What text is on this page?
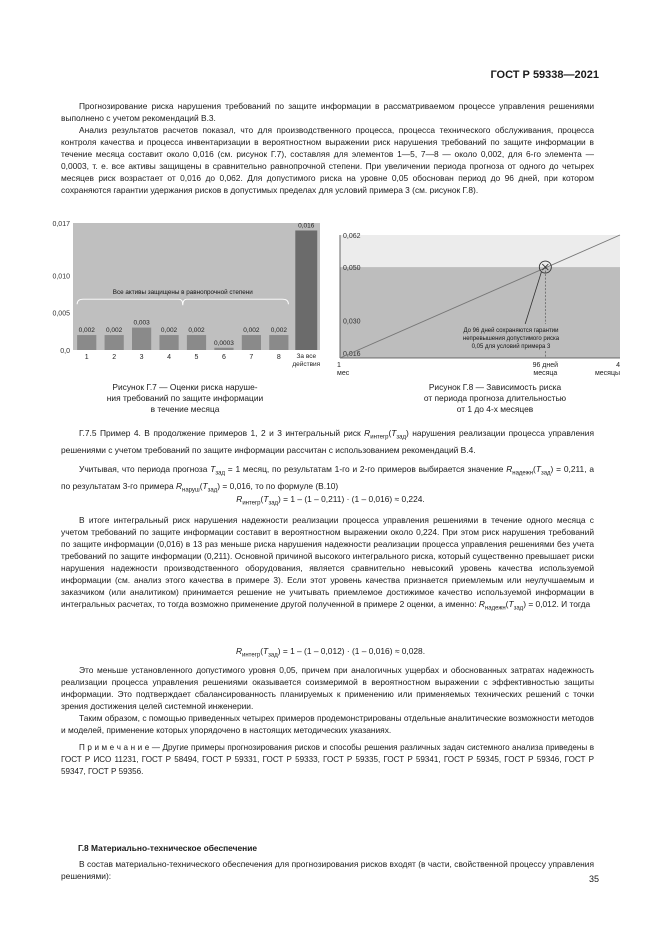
ГОСТ Р 59338—2021

Прогнозирование риска нарушения требований по защите информации в рассматриваемом процессе управления решениями выполнено с учетом рекомендаций В.3.

Анализ результатов расчетов показал, что для производственного процесса, процесса технического обслуживания, процесса контроля качества и процесса инвентаризации в вероятностном выражении риск нарушения требований по защите информации в течение месяца составит около 0,016 (см. рисунок Г.7), составляя для элементов 1—5, 7—8 — около 0,002, для 6-го элемента — 0,0003, т. е. все активы защищены в сравнительно равнопрочной степени. При увеличении периода прогноза от одного до четырех месяцев риск возрастает от 0,016 до 0,062. Для допустимого риска на уровне 0,05 обоснован период до 96 дней, при котором сохраняются гарантии удержания рисков в допустимых пределах для условий примера 3 (см. рисунок Г.8).

0,0
0,005
0,010
0,017
0,002
1
0,002
2
0,003
3
0,002
4
0,002
5
0,0003
6
0,002
7
0,002
8
0,016
За все
действия
Все активы защищены в равнопрочной степени
0,016
0,030
0,050
0,062
До 96 дней сохраняются гарантии
непревышения допустимого риска
0,05 для условий примера 3
1
мес
96 дней
месяца
4
месяцы
Рисунок Г.7 — Оценки риска наруше-
ния требований по защите информации
в течение месяца
Рисунок Г.8 — Зависимость риска
от периода прогноза длительностью
от 1 до 4-х месяцев

Г.7.5 Пример 4. В продолжение примеров 1, 2 и 3 интегральный риск $R_{интегр}(T_{зад})$ нарушения реализации процесса управления решениями с учетом требований по защите информации рассчитан с использованием рекомендаций В.4.

Учитывая, что периода прогноза $T_{зад} = 1$ месяц, по результатам 1-го и 2-го примеров выбирается значение $R_{надежн}(T_{зад}) = 0,211$, а по результатам 3-го примера $R_{наруш}(T_{зад}) = 0,016$, то по формуле (В.10)

$R_{интегр}(T_{зад}) = 1 - (1 - 0,211) \cdot (1 - 0,016) \approx 0,224$.

В итоге интегральный риск нарушения надежности реализации процесса управления решениями в течение одного месяца с учетом требований по защите информации составит в вероятностном выражении около 0,224. При этом риск нарушения требований по защите информации (0,016) в 13 раз меньше риска нарушения надежности реализации процесса управления решениями без учета требований по защите информации (0,211). Основной причиной высокого интегрального риска, который существенно превышает риски нарушения надежности производственного оборудования, является сравнительно невысокий уровень качества используемой информации (см. анализ этого качества в примере 3). Если этот уровень качества признается приемлемым или неулучшаемым и заказчиком (или аналитиком) принимается решение не учитывать приемлемое достижимое качество используемой информации в интегральных расчетах, то тогда возможно применение другой полученной в примере 2 оценки, а именно: $R_{надежн}(T_{зад}) = 0,012$. И тогда

$R_{интегр}(T_{зад}) = 1 - (1 - 0,012) \cdot (1 - 0,016) \approx 0,028$.

Это меньше установленного допустимого уровня 0,05, причем при аналогичных ущербах и обоснованных затратах надежность реализации процесса управления решениями оказывается соизмеримой в вероятностном выражении с эффективностью защиты информации. Это подтверждает сбалансированность планируемых к применению или применяемых технических решений с точки зрения достижения целей системной инженерии.

Таким образом, с помощью приведенных четырех примеров продемонстрированы отдельные аналитические возможности методов и моделей, применение которых упорядочено в настоящих методических указаниях.

П р и м е ч а н и е — Другие примеры прогнозирования рисков и способы решения различных задач системного анализа приведены в ГОСТ Р ИСО 11231, ГОСТ Р 58494, ГОСТ Р 59331, ГОСТ Р 59333, ГОСТ Р 59335, ГОСТ Р 59341, ГОСТ Р 59345, ГОСТ Р 59346, ГОСТ Р 59347, ГОСТ Р 59356.

Г.8 Материально-техническое обеспечение

В состав материально-технического обеспечения для прогнозирования рисков входят (в части, свойственной процессу управления решениями):	35
